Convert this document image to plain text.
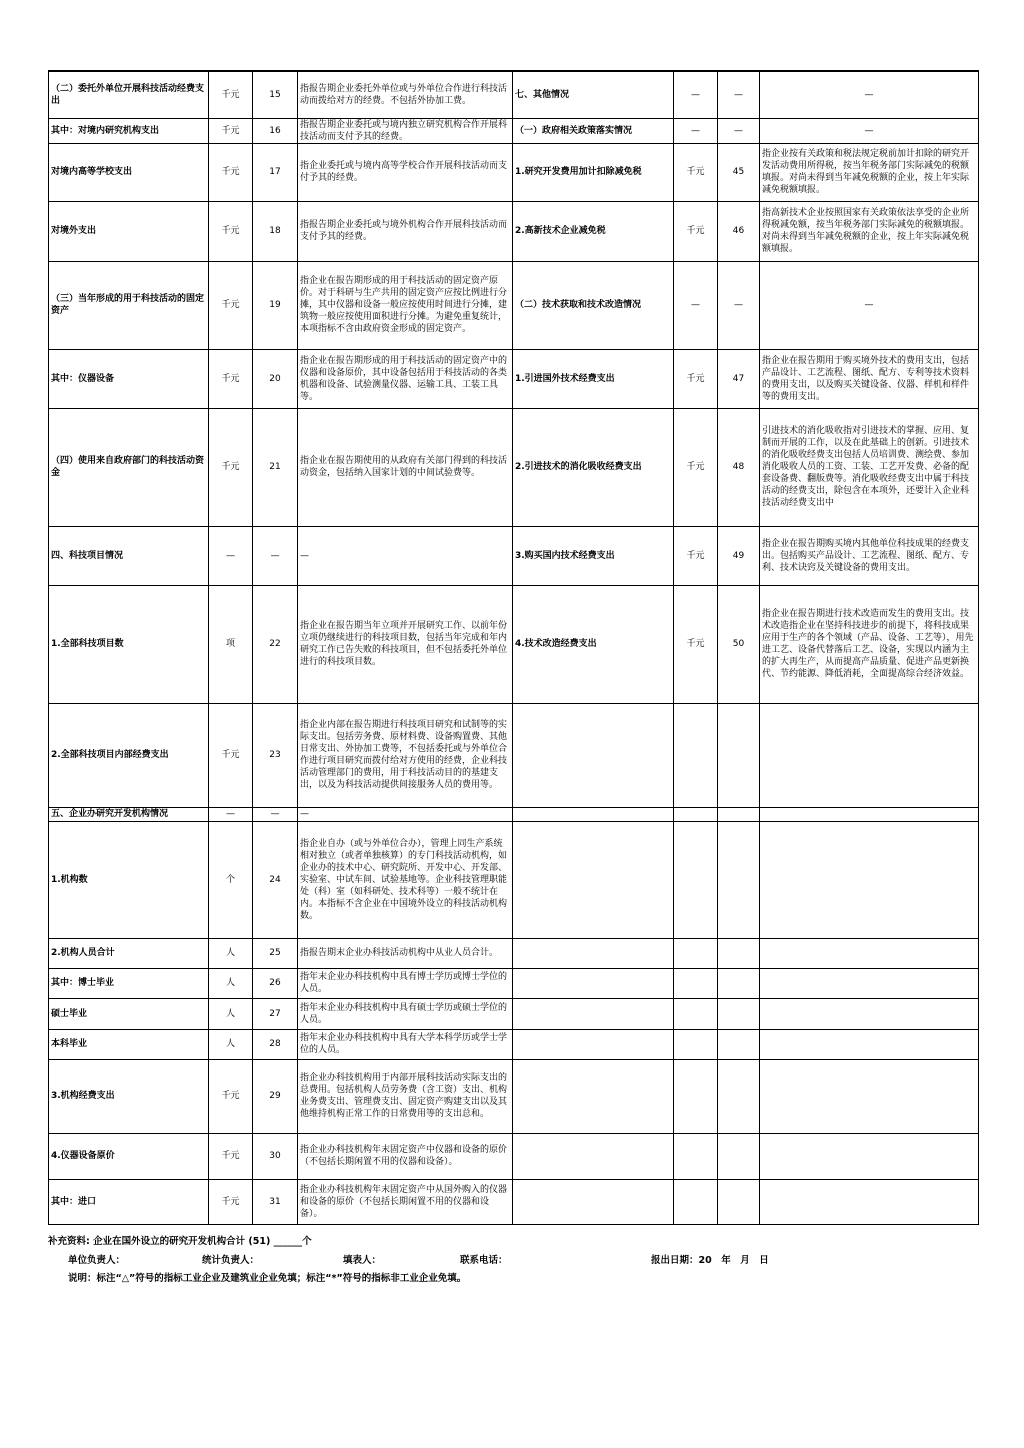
（二）委托外单位开展科技活动经费支出	千元	15	指报告期企业委托外单位或与外单位合作进行科技活动而拨给对方的经费。不包括外协加工费。	七、其他情况	—	—	—
其中：对境内研究机构支出	千元	16	指报告期企业委托或与境内独立研究机构合作开展科技活动而支付予其的经费。	（一）政府相关政策落实情况	—	—	—
对境内高等学校支出	千元	17	指企业委托或与境内高等学校合作开展科技活动而支付予其的经费。	1.研究开发费用加计扣除减免税	千元	45	指企业按有关政策和税法规定税前加计扣除的研究开发活动费用所得税，按当年税务部门实际减免的税额填报。对尚未得到当年减免税额的企业，按上年实际减免税额填报。
对境外支出	千元	18	指报告期企业委托或与境外机构合作开展科技活动而支付予其的经费。	2.高新技术企业减免税	千元	46	指高新技术企业按照国家有关政策依法享受的企业所得税减免额，按当年税务部门实际减免的税额填报。对尚未得到当年减免税额的企业，按上年实际减免税额填报。
（三）当年形成的用于科技活动的固定资产	千元	19	指企业在报告期形成的用于科技活动的固定资产原价。对于科研与生产共用的固定资产应按比例进行分摊，其中仪器和设备一般应按使用时间进行分摊，建筑物一般应按使用面积进行分摊。为避免重复统计，本项指标不含由政府资金形成的固定资产。	（二）技术获取和技术改造情况	—	—	—
其中：仪器设备	千元	20	指企业在报告期形成的用于科技活动的固定资产中的仪器和设备原价，其中设备包括用于科技活动的各类机器和设备、试验测量仪器、运输工具、工装工具等。	1.引进国外技术经费支出	千元	47	指企业在报告期用于购买境外技术的费用支出，包括产品设计、工艺流程、图纸、配方、专利等技术资料的费用支出，以及购买关键设备、仪器、样机和样件等的费用支出。
（四）使用来自政府部门的科技活动资金	千元	21	指企业在报告期使用的从政府有关部门得到的科技活动资金，包括纳入国家计划的中间试验费等。	2.引进技术的消化吸收经费支出	千元	48	引进技术的消化吸收指对引进技术的掌握、应用、复制而开展的工作，以及在此基础上的创新。引进技术的消化吸收经费支出包括人员培训费、测绘费、参加消化吸收人员的工资、工装、工艺开发费、必备的配套设备费、翻版费等。消化吸收经费支出中属于科技活动的经费支出，除包含在本项外，还要计入企业科技活动经费支出中
四、科技项目情况	—	—	—	3.购买国内技术经费支出	千元	49	指企业在报告期购买境内其他单位科技成果的经费支出。包括购买产品设计、工艺流程、图纸、配方、专利、技术诀窍及关键设备的费用支出。
1.全部科技项目数	项	22	指企业在报告期当年立项并开展研究工作、以前年份立项仍继续进行的科技项目数，包括当年完成和年内研究工作已告失败的科技项目，但不包括委托外单位进行的科技项目数。	4.技术改造经费支出	千元	50	指企业在报告期进行技术改造而发生的费用支出。技术改造指企业在坚持科技进步的前提下，将科技成果应用于生产的各个领域（产品、设备、工艺等），用先进工艺、设备代替落后工艺、设备，实现以内涵为主的扩大再生产，从而提高产品质量、促进产品更新换代、节约能源、降低消耗，全面提高综合经济效益。
2.全部科技项目内部经费支出	千元	23	指企业内部在报告期进行科技项目研究和试制等的实际支出。包括劳务费、原材料费、设备购置费、其他日常支出、外协加工费等，不包括委托或与外单位合作进行项目研究而拨付给对方使用的经费，企业科技活动管理部门的费用，用于科技活动目的的基建支出，以及为科技活动提供间接服务人员的费用等。				
五、企业办研究开发机构情况	—	—	—				
1.机构数	个	24	指企业自办（或与外单位合办），管理上同生产系统相对独立（或者单独核算）的专门科技活动机构，如企业办的技术中心、研究院所、开发中心、开发部、实验室、中试车间、试验基地等。企业科技管理职能处（科）室（如科研处、技术科等）一般不统计在内。本指标不含企业在中国境外设立的科技活动机构数。				
2.机构人员合计	人	25	指报告期末企业办科技活动机构中从业人员合计。				
其中：博士毕业	人	26	指年末企业办科技机构中具有博士学历或博士学位的人员。				
硕士毕业	人	27	指年末企业办科技机构中具有硕士学历或硕士学位的人员。				
本科毕业	人	28	指年末企业办科技机构中具有大学本科学历或学士学位的人员。				
3.机构经费支出	千元	29	指企业办科技机构用于内部开展科技活动实际支出的总费用。包括机构人员劳务费（含工资）支出、机构业务费支出、管理费支出、固定资产购建支出以及其他维持机构正常工作的日常费用等的支出总和。				
4.仪器设备原价	千元	30	指企业办科技机构年末固定资产中仪器和设备的原价（不包括长期闲置不用的仪器和设备）。				
其中：进口	千元	31	指企业办科技机构年末固定资产中从国外购入的仪器和设备的原价（不包括长期闲置不用的仪器和设备）。				
补充资料: 企业在国外设立的研究开发机构合计 (51) ______个
单位负责人：	统计负责人：	填表人：	联系电话：	报出日期：20　年　月　日
说明：标注“△”符号的指标工业企业及建筑业企业免填；标注“*”符号的指标非工业企业免填。
